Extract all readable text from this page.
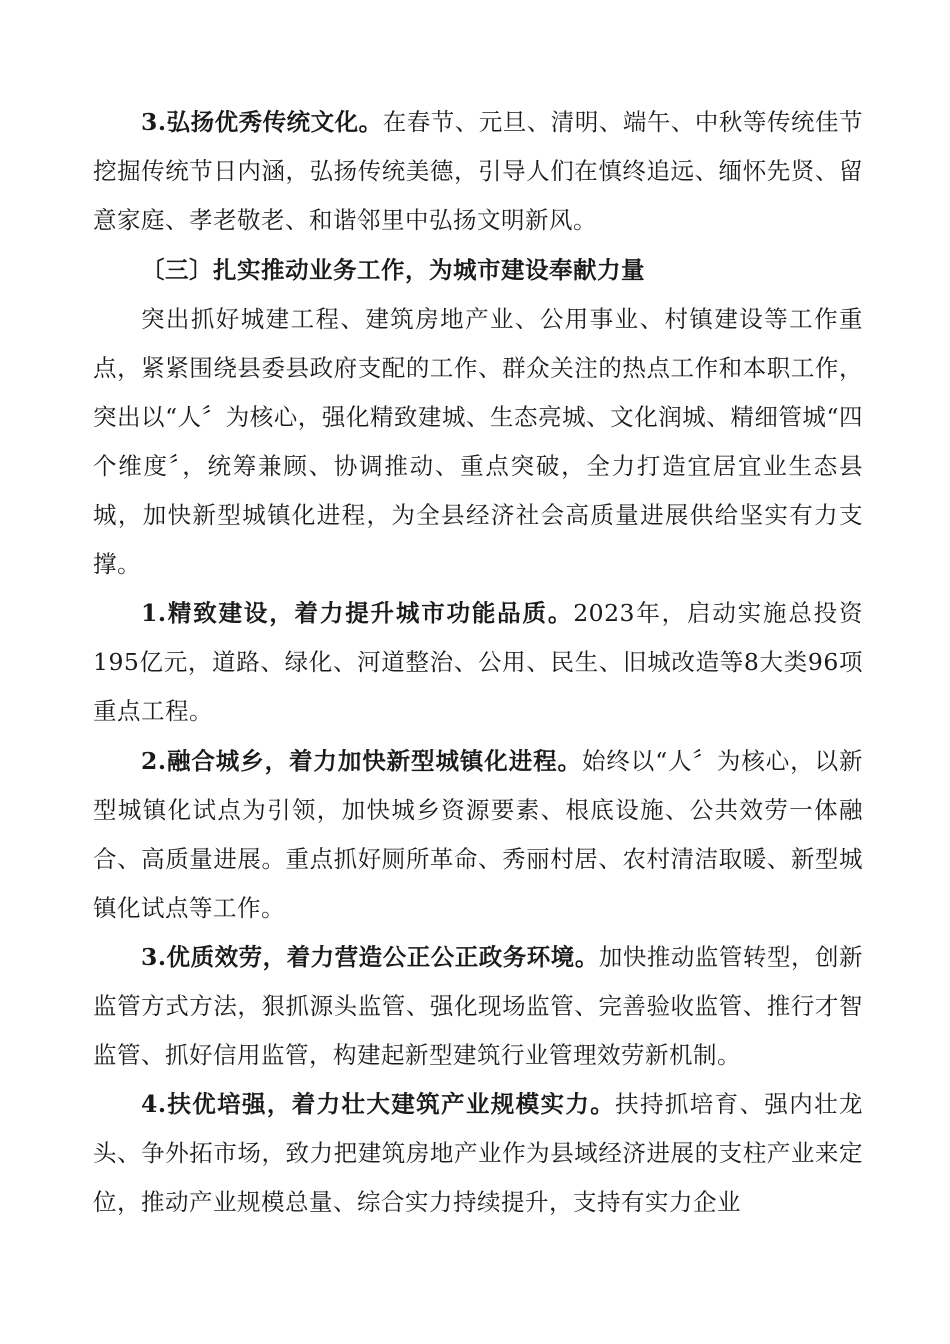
3.弘扬优秀传统文化。在春节、元旦、清明、端午、中秋等传统佳节挖掘传统节日内涵，弘扬传统美德，引导人们在慎终追远、缅怀先贤、留意家庭、孝老敬老、和谐邻里中弘扬文明新风。

〔三〕扎实推动业务工作，为城市建设奉献力量

突出抓好城建工程、建筑房地产业、公用事业、村镇建设等工作重点，紧紧围绕县委县政府支配的工作、群众关注的热点工作和本职工作，突出以“人〞为核心，强化精致建城、生态亮城、文化润城、精细管城“四个维度〞，统筹兼顾、协调推动、重点突破，全力打造宜居宜业生态县城，加快新型城镇化进程，为全县经济社会高质量进展供给坚实有力支撑。

1.精致建设，着力提升城市功能品质。2023年，启动实施总投资195亿元，道路、绿化、河道整治、公用、民生、旧城改造等8大类96项重点工程。

2.融合城乡，着力加快新型城镇化进程。始终以“人〞为核心，以新型城镇化试点为引领，加快城乡资源要素、根底设施、公共效劳一体融合、高质量进展。重点抓好厕所革命、秀丽村居、农村清洁取暖、新型城镇化试点等工作。

3.优质效劳，着力营造公正公正政务环境。加快推动监管转型，创新监管方式方法，狠抓源头监管、强化现场监管、完善验收监管、推行才智监管、抓好信用监管，构建起新型建筑行业管理效劳新机制。

4.扶优培强，着力壮大建筑产业规模实力。扶持抓培育、强内壮龙头、争外拓市场，致力把建筑房地产业作为县域经济进展的支柱产业来定位，推动产业规模总量、综合实力持续提升，支持有实力企业
